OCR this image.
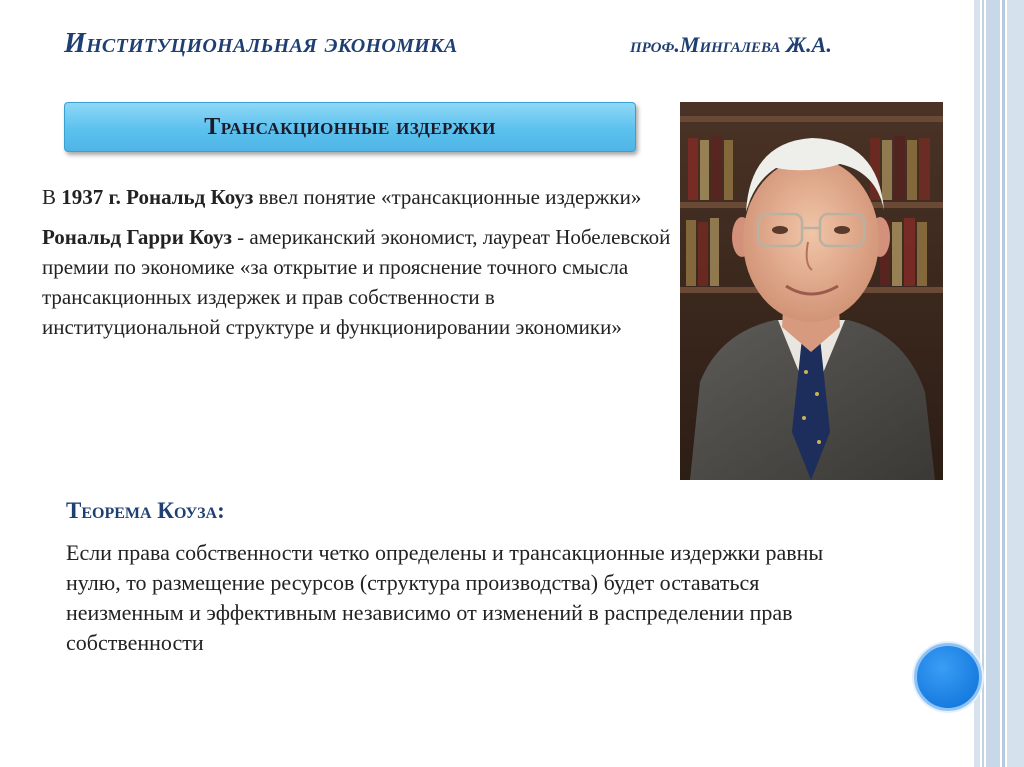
Институциональная экономика	проф.Мингалева Ж.А.
Трансакционные издержки
В 1937 г. Рональд Коуз ввел понятие «трансакционные издержки»
Рональд Гарри Коуз - американский экономист, лауреат Нобелевской премии по экономике «за открытие и прояснение точного смысла трансакционных издержек и прав собственности в институциональной структуре и функционировании экономики»
Теорема Коуза:
Если права собственности четко определены и трансакционные издержки равны нулю, то размещение ресурсов (структура производства) будет оставаться неизменным и эффективным независимо от изменений в распределении прав собственности
